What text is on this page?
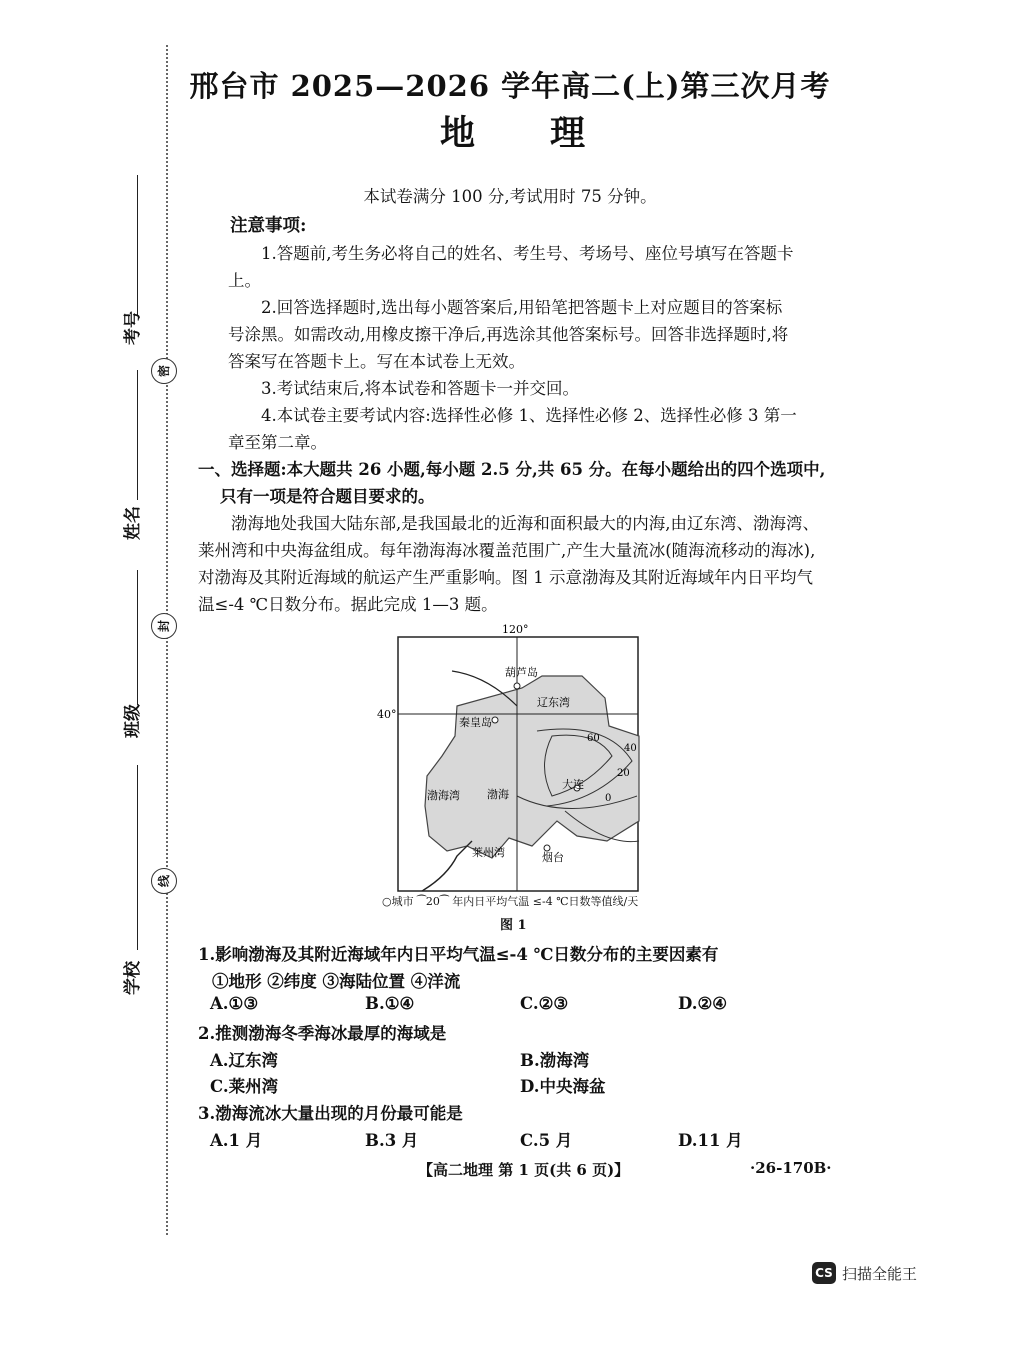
考号
姓名
班级
学校
密
封
线
邢台市 2025—2026 学年高二(上)第三次月考
地 理
本试卷满分 100 分,考试用时 75 分钟。
注意事项:
1.答题前,考生务必将自己的姓名、考生号、考场号、座位号填写在答题卡上。
2.回答选择题时,选出每小题答案后,用铅笔把答题卡上对应题目的答案标号涂黑。如需改动,用橡皮擦干净后,再选涂其他答案标号。回答非选择题时,将答案写在答题卡上。写在本试卷上无效。
3.考试结束后,将本试卷和答题卡一并交回。
4.本试卷主要考试内容:选择性必修 1、选择性必修 2、选择性必修 3 第一章至第二章。
一、选择题:本大题共 26 小题,每小题 2.5 分,共 65 分。在每小题给出的四个选项中,只有一项是符合题目要求的。
渤海地处我国大陆东部,是我国最北的近海和面积最大的内海,由辽东湾、渤海湾、莱州湾和中央海盆组成。每年渤海海冰覆盖范围广,产生大量流冰(随海流移动的海冰),对渤海及其附近海域的航运产生严重影响。图 1 示意渤海及其附近海域年内日平均气温≤-4 ℃日数分布。据此完成 1—3 题。
120°
40°
葫芦岛
辽东湾
秦皇岛
渤海湾 渤海
大连
莱州湾	烟台
60
40
20
0
○城市 ⁀20⁀ 年内日平均气温 ≤-4 ℃日数等值线/天
图 1
1.影响渤海及其附近海域年内日平均气温≤-4 ℃日数分布的主要因素有
①地形 ②纬度 ③海陆位置 ④洋流
A.①③	B.①④	C.②③	D.②④
2.推测渤海冬季海冰最厚的海域是
A.辽东湾	B.渤海湾
C.莱州湾	D.中央海盆
3.渤海流冰大量出现的月份最可能是
A.1 月	B.3 月	C.5 月	D.11 月
【高二地理 第 1 页(共 6 页)】	·26-170B·
CS 扫描全能王
